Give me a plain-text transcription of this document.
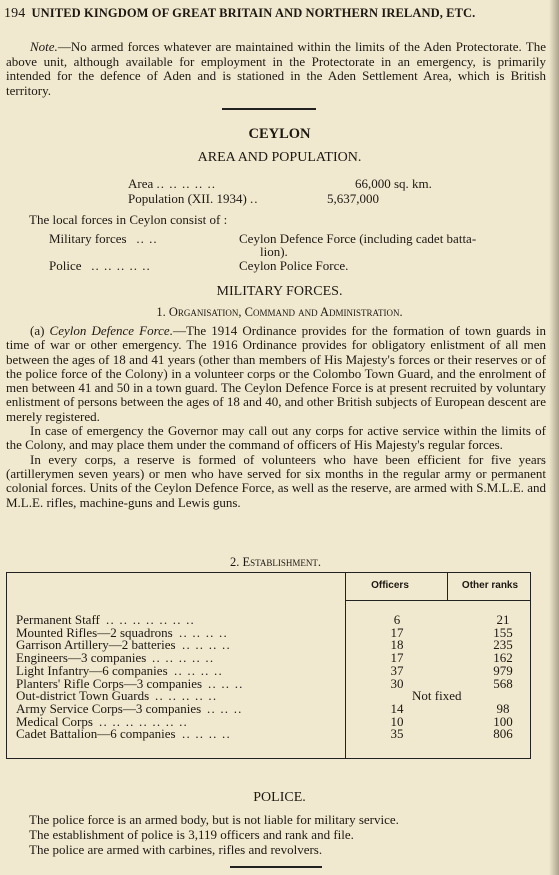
194 UNITED KINGDOM OF GREAT BRITAIN AND NORTHERN IRELAND, ETC.

Note.—No armed forces whatever are maintained within the limits of the Aden Protectorate. The above unit, although available for employment in the Protectorate in an emergency, is primarily intended for the defence of Aden and is stationed in the Aden Settlement Area, which is British territory.

CEYLON
AREA AND POPULATION.
Area .. .. .. .. ..	66,000 sq. km.
Population (XII. 1934) ..	5,637,000
The local forces in Ceylon consist of :
Military forces .. ..	Ceylon Defence Force (including cadet batta-
lion).
Police .. .. .. .. ..	Ceylon Police Force.
MILITARY FORCES.
1. Organisation, Command and Administration.

(a) Ceylon Defence Force.—The 1914 Ordinance provides for the formation of town guards in time of war or other emergency. The 1916 Ordinance provides for obligatory enlistment of all men between the ages of 18 and 41 years (other than members of His Majesty's forces or their reserves or of the police force of the Colony) in a volunteer corps or the Colombo Town Guard, and the enrolment of men between 41 and 50 in a town guard. The Ceylon Defence Force is at present recruited by voluntary enlistment of persons between the ages of 18 and 40, and other British subjects of European descent are merely registered.

In case of emergency the Governor may call out any corps for active service within the limits of the Colony, and may place them under the command of officers of His Majesty's regular forces.

In every corps, a reserve is formed of volunteers who have been efficient for five years (artillerymen seven years) or men who have served for six months in the regular army or permanent colonial forces. Units of the Ceylon Defence Force, as well as the reserve, are armed with S.M.L.E. and M.L.E. rifles, machine-guns and Lewis guns.

2. Establishment.
Officers	Other ranks
Permanent Staff .. .. .. .. .. .. ..	6	21
Mounted Rifles—2 squadrons .. .. .. ..	17	155
Garrison Artillery—2 batteries .. .. .. ..	18	235
Engineers—3 companies .. .. .. .. ..	17	162
Light Infantry—6 companies .. .. .. ..	37	979
Planters' Rifle Corps—3 companies .. .. ..	30	568
Out-district Town Guards .. .. .. .. ..	Not fixed
Army Service Corps—3 companies .. .. ..	14	98
Medical Corps .. .. .. .. .. .. ..	10	100
Cadet Battalion—6 companies .. .. .. ..	35	806
POLICE.
The police force is an armed body, but is not liable for military service.
The establishment of police is 3,119 officers and rank and file.
The police are armed with carbines, rifles and revolvers.
